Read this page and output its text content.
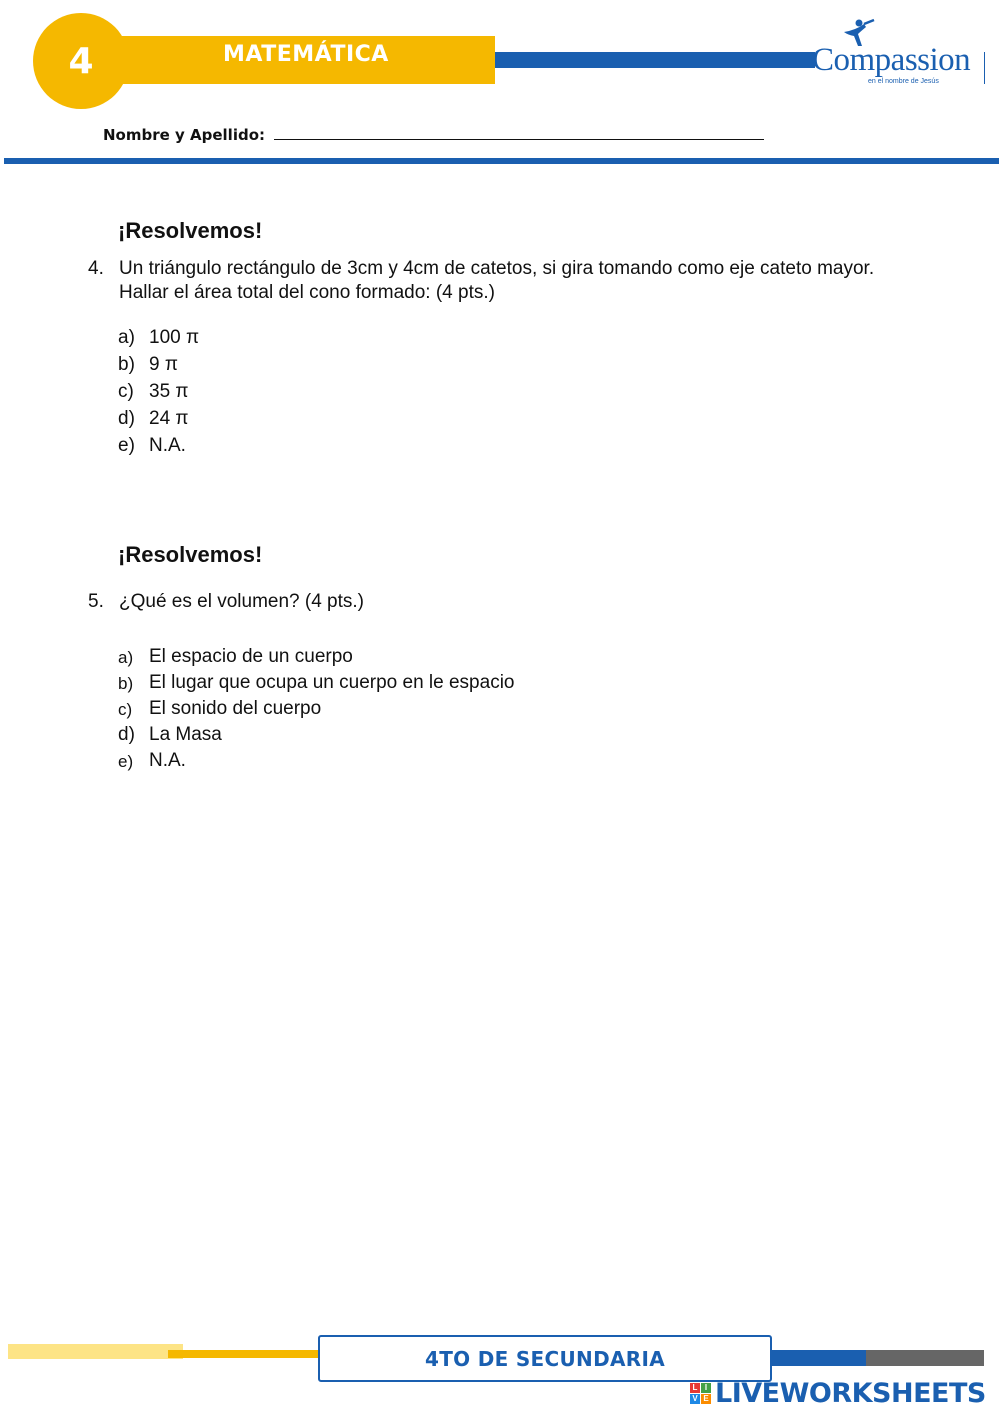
4	MATEMÁTICA	Compassion
en el nombre de Jesús
Nombre y Apellido:
¡Resolvemos!
4. Un triángulo rectángulo de 3cm y 4cm de catetos, si gira tomando como eje cateto mayor. Hallar el área total del cono formado: (4 pts.)
a) 100 π
b) 9 π
c) 35 π
d) 24 π
e) N.A.
¡Resolvemos!
5. ¿Qué es el volumen? (4 pts.)
a) El espacio de un cuerpo
b) El lugar que ocupa un cuerpo en le espacio
c) El sonido del cuerpo
d) La Masa
e) N.A.
4TO DE SECUNDARIA
L I
V E LIVEWORKSHEETS
